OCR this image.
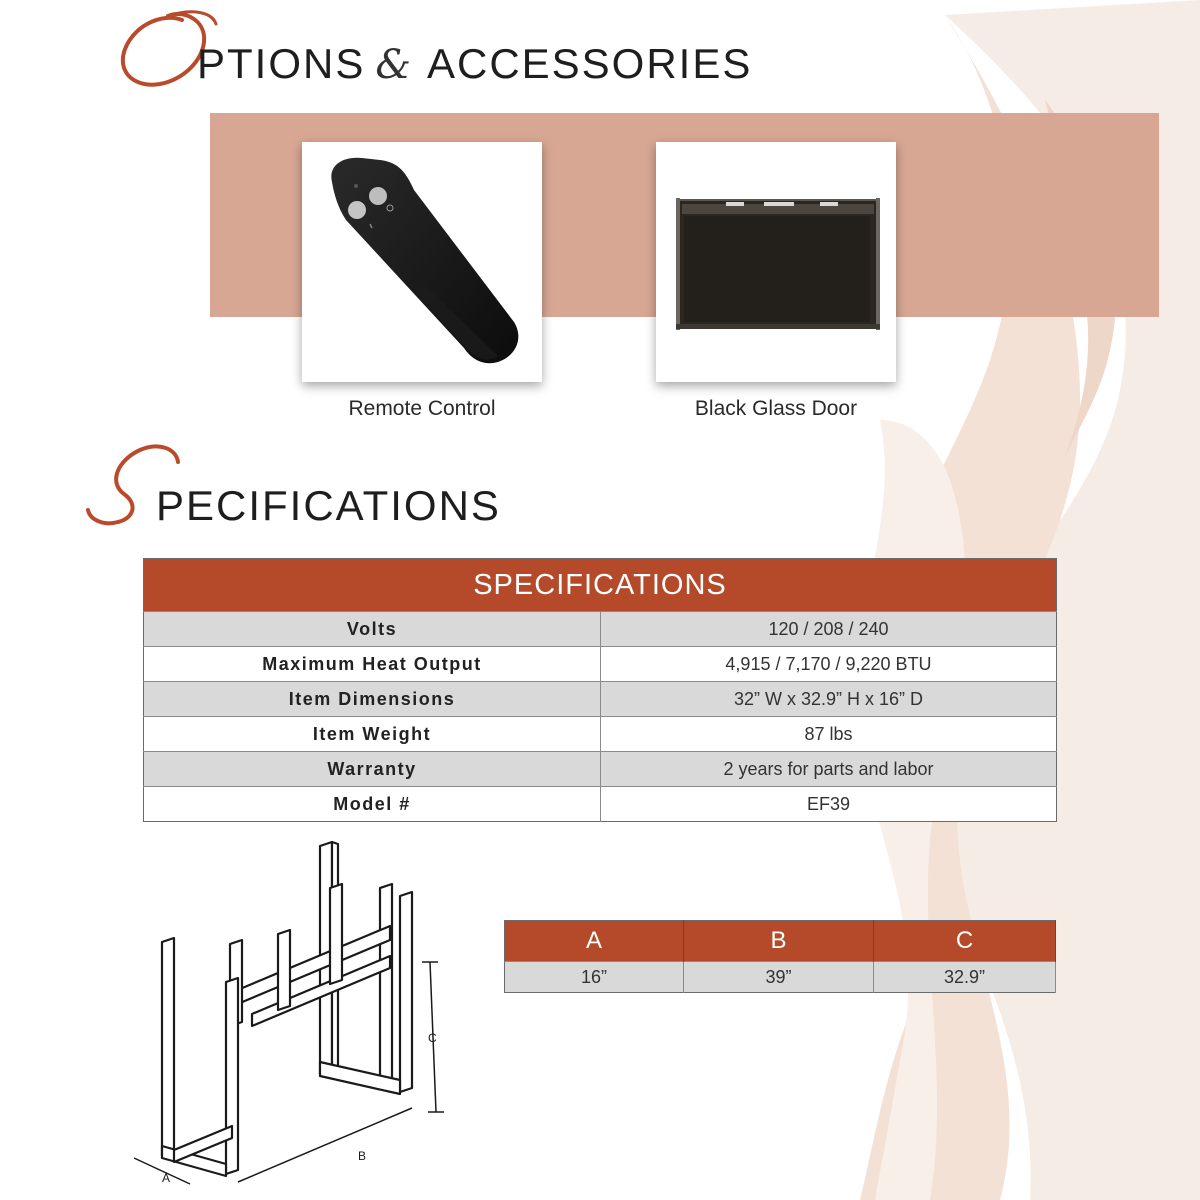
PTIONS & ACCESSORIES
Remote Control	Black Glass Door
PECIFICATIONS
SPECIFICATIONS	
Volts	120 / 208 / 240
Maximum Heat Output	4,915 / 7,170 / 9,220 BTU
Item Dimensions	32” W x 32.9” H x 16” D
Item Weight	87 lbs
Warranty	2 years for parts and labor
Model #	EF39
A
B
C
A	B	C
16”	39”	32.9”
